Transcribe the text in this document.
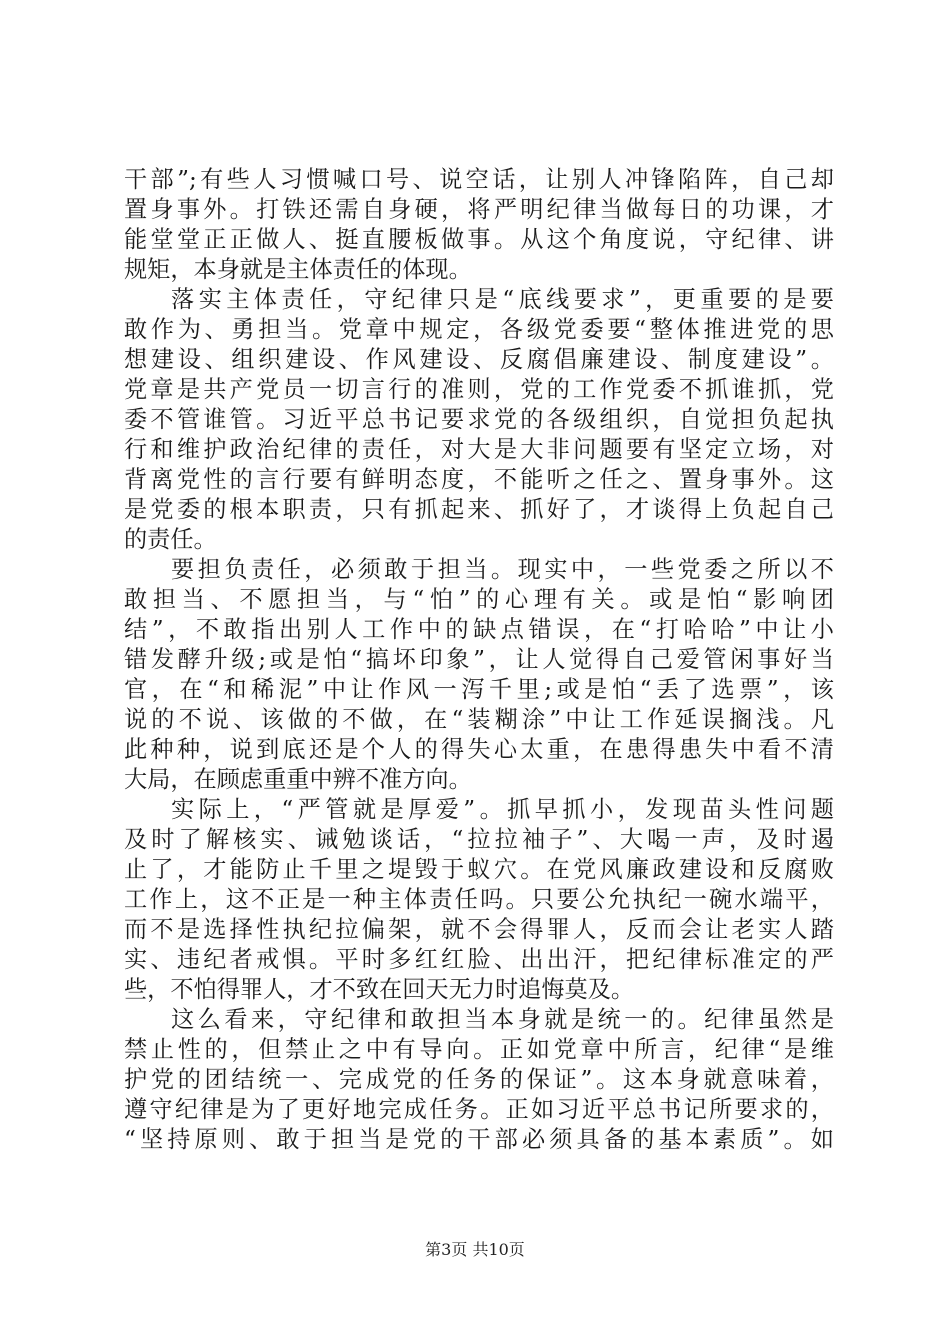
干部”;有些人习惯喊口号、说空话，让别人冲锋陷阵，自己却
置身事外。打铁还需自身硬，将严明纪律当做每日的功课，才
能堂堂正正做人、挺直腰板做事。从这个角度说，守纪律、讲
规矩，本身就是主体责任的体现。
落实主体责任，守纪律只是“底线要求”，更重要的是要
敢作为、勇担当。党章中规定，各级党委要“整体推进党的思
想建设、组织建设、作风建设、反腐倡廉建设、制度建设”。
党章是共产党员一切言行的准则，党的工作党委不抓谁抓，党
委不管谁管。习近平总书记要求党的各级组织，自觉担负起执
行和维护政治纪律的责任，对大是大非问题要有坚定立场，对
背离党性的言行要有鲜明态度，不能听之任之、置身事外。这
是党委的根本职责，只有抓起来、抓好了，才谈得上负起自己
的责任。
要担负责任，必须敢于担当。现实中，一些党委之所以不
敢担当、不愿担当，与“怕”的心理有关。或是怕“影响团
结”，不敢指出别人工作中的缺点错误，在“打哈哈”中让小
错发酵升级;或是怕“搞坏印象”，让人觉得自己爱管闲事好当
官，在“和稀泥”中让作风一泻千里;或是怕“丢了选票”，该
说的不说、该做的不做，在“装糊涂”中让工作延误搁浅。凡
此种种，说到底还是个人的得失心太重，在患得患失中看不清
大局，在顾虑重重中辨不准方向。
实际上，“严管就是厚爱”。抓早抓小，发现苗头性问题
及时了解核实、诫勉谈话，“拉拉袖子”、大喝一声，及时遏
止了，才能防止千里之堤毁于蚁穴。在党风廉政建设和反腐败
工作上，这不正是一种主体责任吗。只要公允执纪一碗水端平，
而不是选择性执纪拉偏架，就不会得罪人，反而会让老实人踏
实、违纪者戒惧。平时多红红脸、出出汗，把纪律标准定的严
些，不怕得罪人，才不致在回天无力时追悔莫及。
这么看来，守纪律和敢担当本身就是统一的。纪律虽然是
禁止性的，但禁止之中有导向。正如党章中所言，纪律“是维
护党的团结统一、完成党的任务的保证”。这本身就意味着，
遵守纪律是为了更好地完成任务。正如习近平总书记所要求的，
“坚持原则、敢于担当是党的干部必须具备的基本素质”。如
第3页 共10页
